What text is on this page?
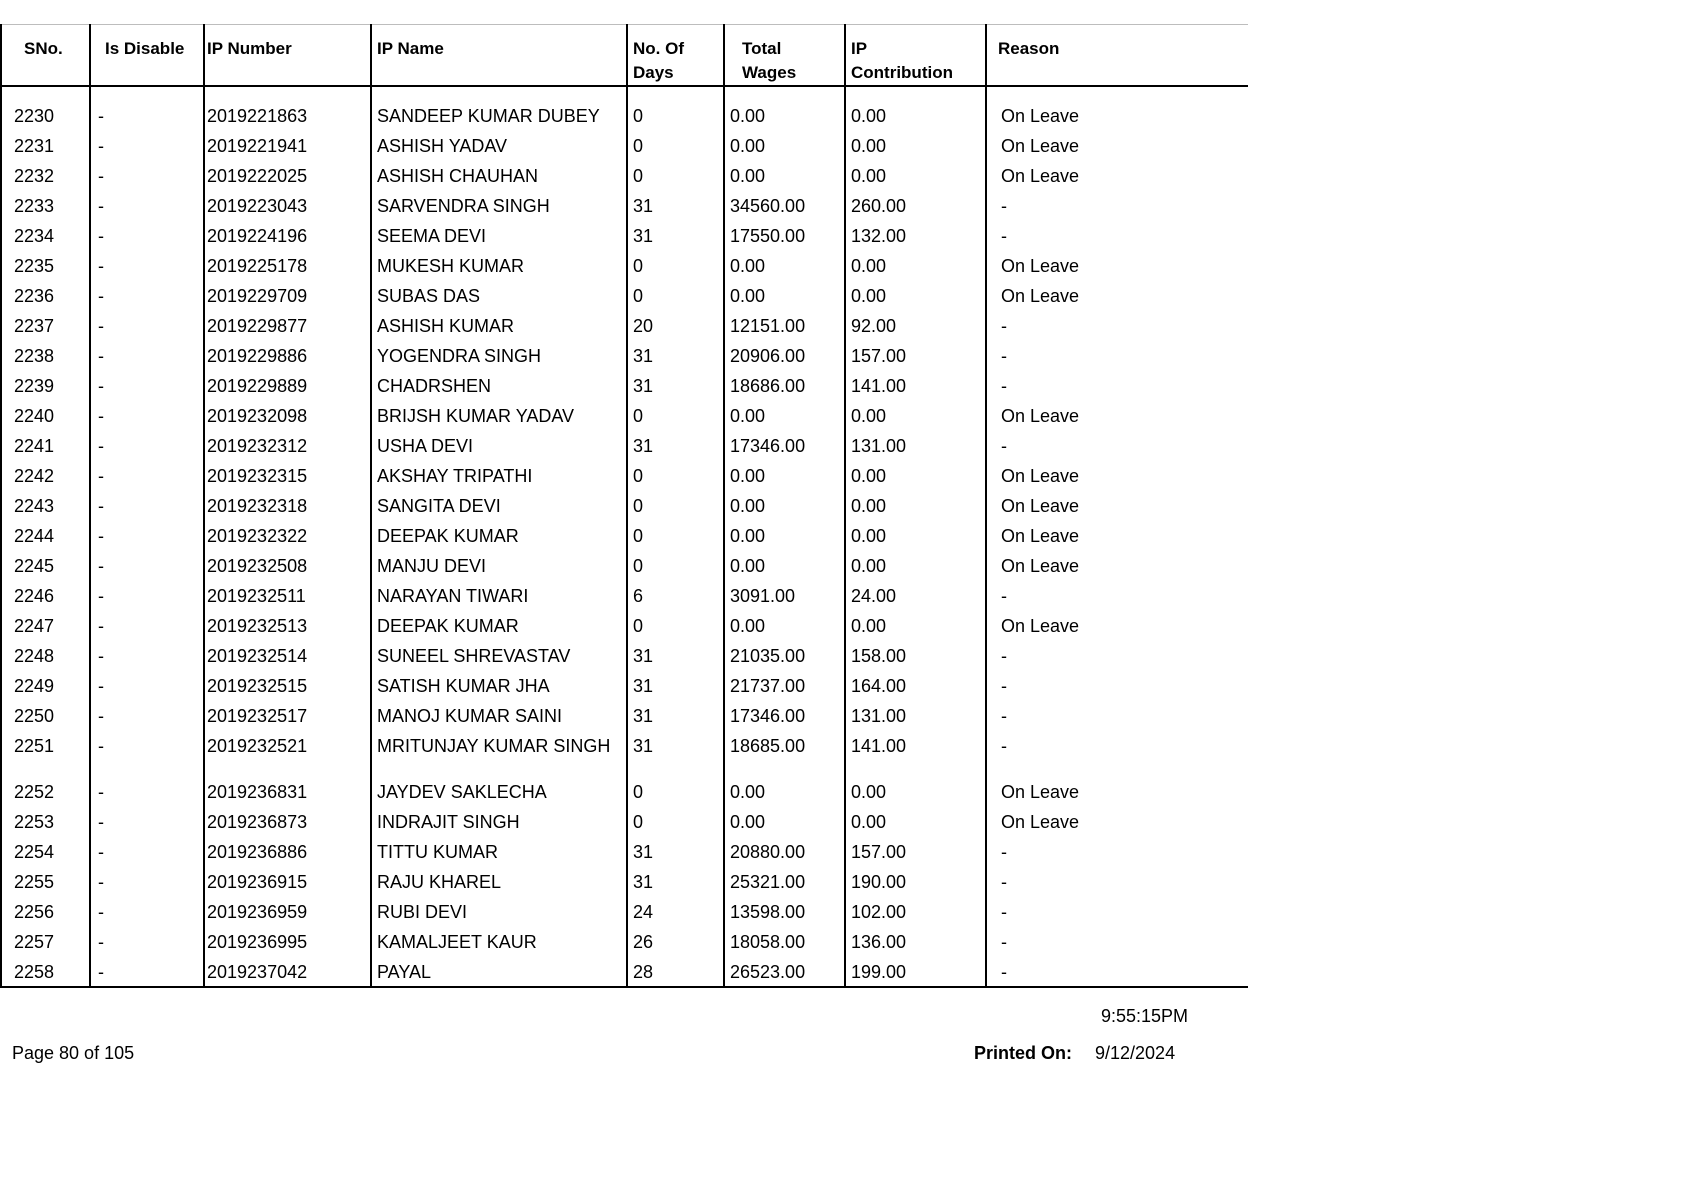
SNo.	Is Disable	IP Number	IP Name	No. Of Days	Total Wages	IP Contribution	Reason

2230	-	2019221863	SANDEEP KUMAR DUBEY	0	0.00	0.00	On Leave
2231	-	2019221941	ASHISH YADAV	0	0.00	0.00	On Leave
2232	-	2019222025	ASHISH CHAUHAN	0	0.00	0.00	On Leave
2233	-	2019223043	SARVENDRA SINGH	31	34560.00	260.00	-
2234	-	2019224196	SEEMA DEVI	31	17550.00	132.00	-
2235	-	2019225178	MUKESH KUMAR	0	0.00	0.00	On Leave
2236	-	2019229709	SUBAS DAS	0	0.00	0.00	On Leave
2237	-	2019229877	ASHISH KUMAR	20	12151.00	92.00	-
2238	-	2019229886	YOGENDRA SINGH	31	20906.00	157.00	-
2239	-	2019229889	CHADRSHEN	31	18686.00	141.00	-
2240	-	2019232098	BRIJSH KUMAR YADAV	0	0.00	0.00	On Leave
2241	-	2019232312	USHA DEVI	31	17346.00	131.00	-
2242	-	2019232315	AKSHAY TRIPATHI	0	0.00	0.00	On Leave
2243	-	2019232318	SANGITA DEVI	0	0.00	0.00	On Leave
2244	-	2019232322	DEEPAK KUMAR	0	0.00	0.00	On Leave
2245	-	2019232508	MANJU DEVI	0	0.00	0.00	On Leave
2246	-	2019232511	NARAYAN TIWARI	6	3091.00	24.00	-
2247	-	2019232513	DEEPAK KUMAR	0	0.00	0.00	On Leave
2248	-	2019232514	SUNEEL SHREVASTAV	31	21035.00	158.00	-
2249	-	2019232515	SATISH KUMAR JHA	31	21737.00	164.00	-
2250	-	2019232517	MANOJ KUMAR SAINI	31	17346.00	131.00	-
2251	-	2019232521	MRITUNJAY KUMAR SINGH	31	18685.00	141.00	-
2252	-	2019236831	JAYDEV SAKLECHA	0	0.00	0.00	On Leave
2253	-	2019236873	INDRAJIT SINGH	0	0.00	0.00	On Leave
2254	-	2019236886	TITTU KUMAR	31	20880.00	157.00	-
2255	-	2019236915	RAJU KHAREL	31	25321.00	190.00	-
2256	-	2019236959	RUBI DEVI	24	13598.00	102.00	-
2257	-	2019236995	KAMALJEET KAUR	26	18058.00	136.00	-
2258	-	2019237042	PAYAL	28	26523.00	199.00	-
9:55:15PM
Page 80 of 105	Printed On: 9/12/2024
